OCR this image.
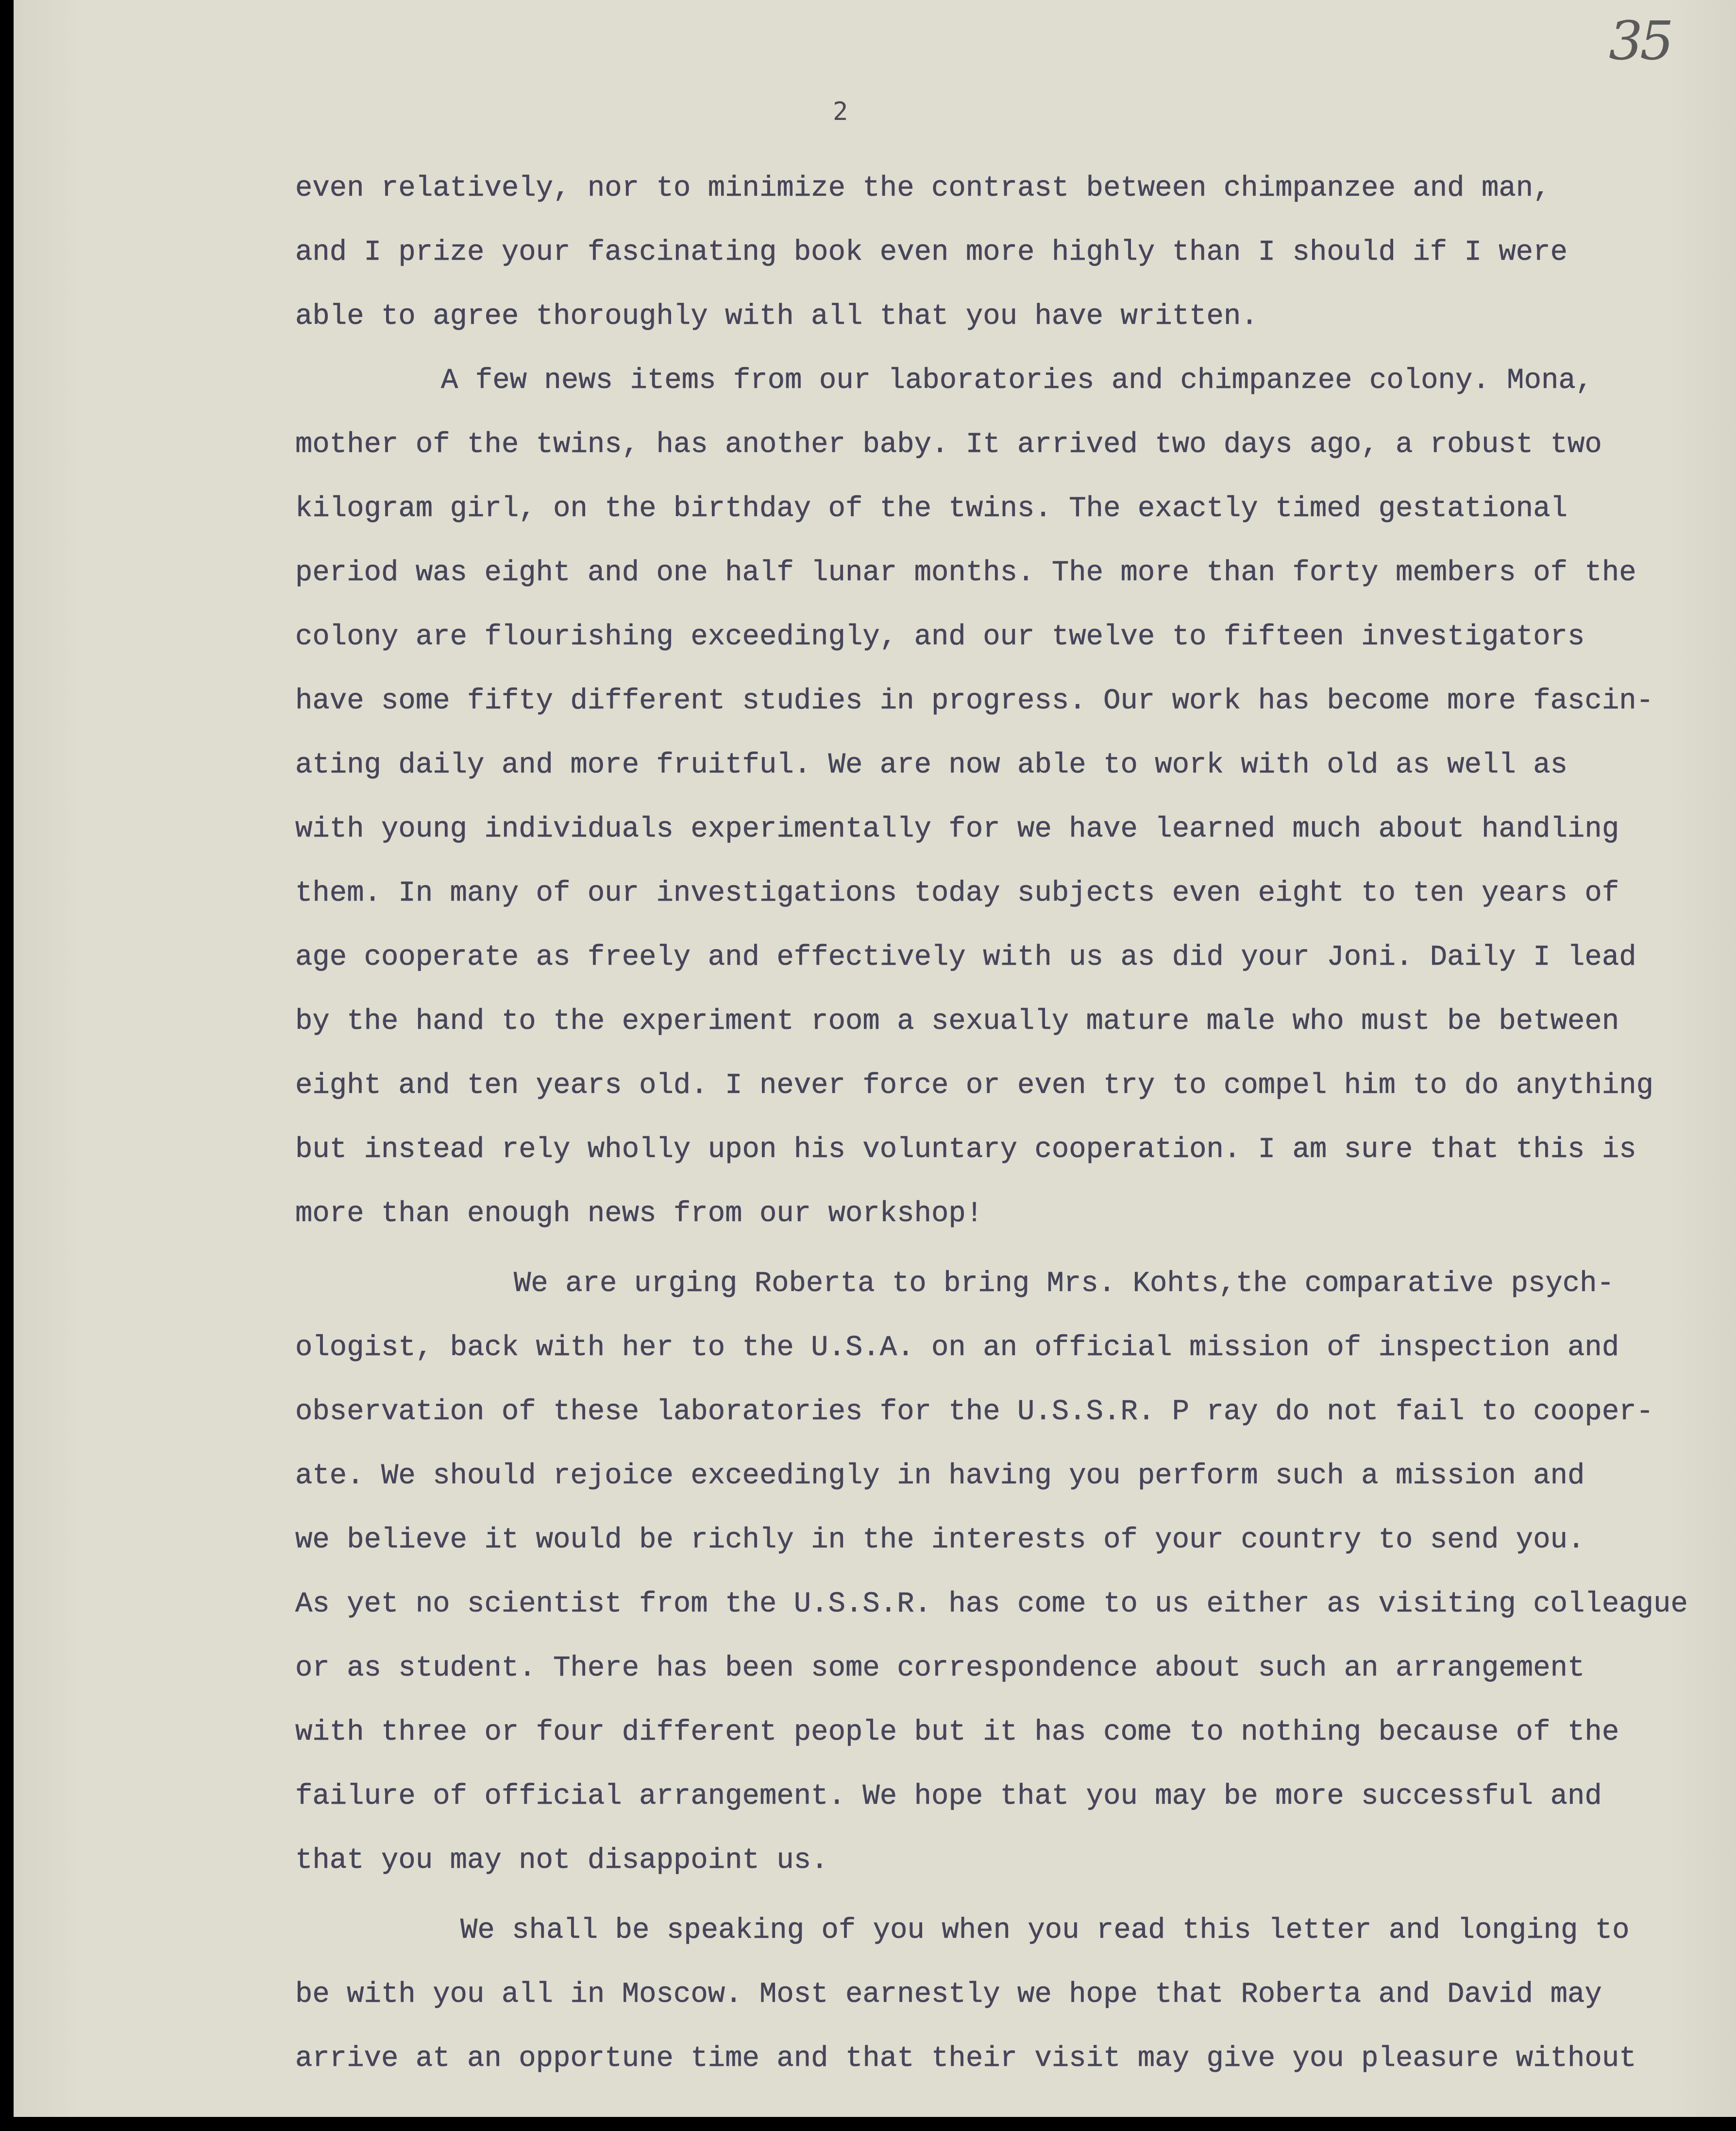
35
2
even relatively, nor to minimize the contrast between chimpanzee and man,
and I prize your fascinating book even more highly than I should if I were
able to agree thoroughly with all that you have written.
A few news items from our laboratories and chimpanzee colony. Mona,
mother of the twins, has another baby. It arrived two days ago, a robust two
kilogram girl, on the birthday of the twins. The exactly timed gestational
period was eight and one half lunar months. The more than forty members of the
colony are flourishing exceedingly, and our twelve to fifteen investigators
have some fifty different studies in progress. Our work has become more fascin-
ating daily and more fruitful. We are now able to work with old as well as
with young individuals experimentally for we have learned much about handling
them. In many of our investigations today subjects even eight to ten years of
age cooperate as freely and effectively with us as did your Joni. Daily I lead
by the hand to the experiment room a sexually mature male who must be between
eight and ten years old. I never force or even try to compel him to do anything
but instead rely wholly upon his voluntary cooperation. I am sure that this is
more than enough news from our workshop!
We are urging Roberta to bring Mrs. Kohts,the comparative psych-
ologist, back with her to the U.S.A. on an official mission of inspection and
observation of these laboratories for the U.S.S.R. P ray do not fail to cooper-
ate. We should rejoice exceedingly in having you perform such a mission and
we believe it would be richly in the interests of your country to send you.
As yet no scientist from the U.S.S.R. has come to us either as visiting colleague
or as student. There has been some correspondence about such an arrangement
with three or four different people but it has come to nothing because of the
failure of official arrangement. We hope that you may be more successful and
that you may not disappoint us.
We shall be speaking of you when you read this letter and longing to
be with you all in Moscow. Most earnestly we hope that Roberta and David may
arrive at an opportune time and that their visit may give you pleasure without
